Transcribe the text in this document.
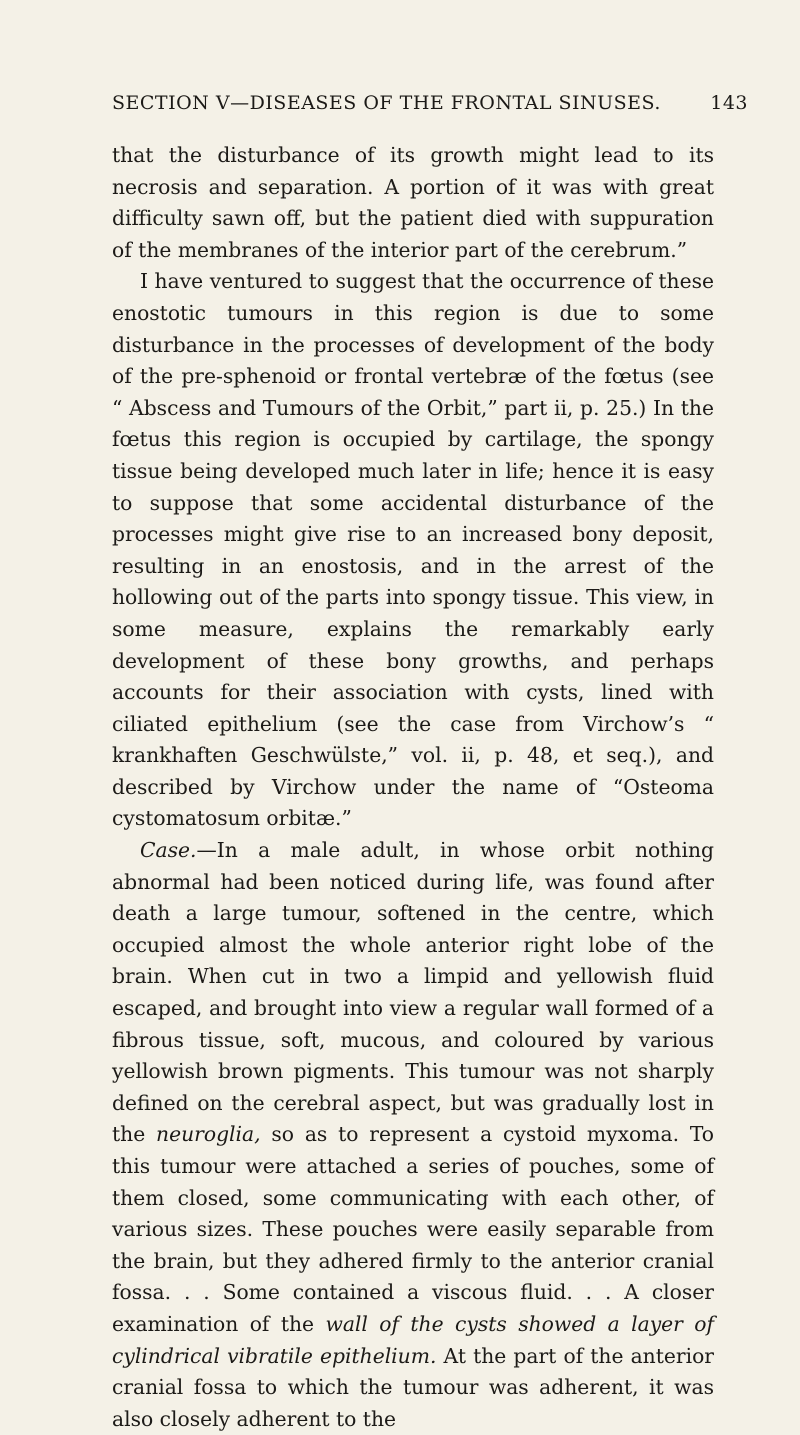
SECTION V—DISEASES OF THE FRONTAL SINUSES.	143

that the disturbance of its growth might lead to its necrosis and separation. A portion of it was with great difficulty sawn off, but the patient died with suppuration of the membranes of the interior part of the cerebrum.”

I have ventured to suggest that the occurrence of these enostotic tumours in this region is due to some disturbance in the processes of development of the body of the pre-sphenoid or frontal vertebræ of the fœtus (see “ Abscess and Tumours of the Orbit,” part ii, p. 25.) In the fœtus this region is occupied by cartilage, the spongy tissue being developed much later in life; hence it is easy to suppose that some accidental disturbance of the processes might give rise to an increased bony deposit, resulting in an enostosis, and in the arrest of the hollowing out of the parts into spongy tissue. This view, in some measure, explains the remarkably early development of these bony growths, and perhaps accounts for their association with cysts, lined with ciliated epithelium (see the case from Virchow’s “ krankhaften Geschwülste,” vol. ii, p. 48, et seq.), and described by Virchow under the name of “Osteoma cystomatosum orbitæ.”

Case.—In a male adult, in whose orbit nothing abnormal had been noticed during life, was found after death a large tumour, softened in the centre, which occupied almost the whole anterior right lobe of the brain. When cut in two a limpid and yellowish fluid escaped, and brought into view a regular wall formed of a fibrous tissue, soft, mucous, and coloured by various yellowish brown pigments. This tumour was not sharply defined on the cerebral aspect, but was gradually lost in the neuroglia, so as to represent a cystoid myxoma. To this tumour were attached a series of pouches, some of them closed, some communicating with each other, of various sizes. These pouches were easily separable from the brain, but they adhered firmly to the anterior cranial fossa. . . Some contained a viscous fluid. . . A closer examination of the wall of the cysts showed a layer of cylindrical vibratile epithelium. At the part of the anterior cranial fossa to which the tumour was adherent, it was also closely adherent to the
